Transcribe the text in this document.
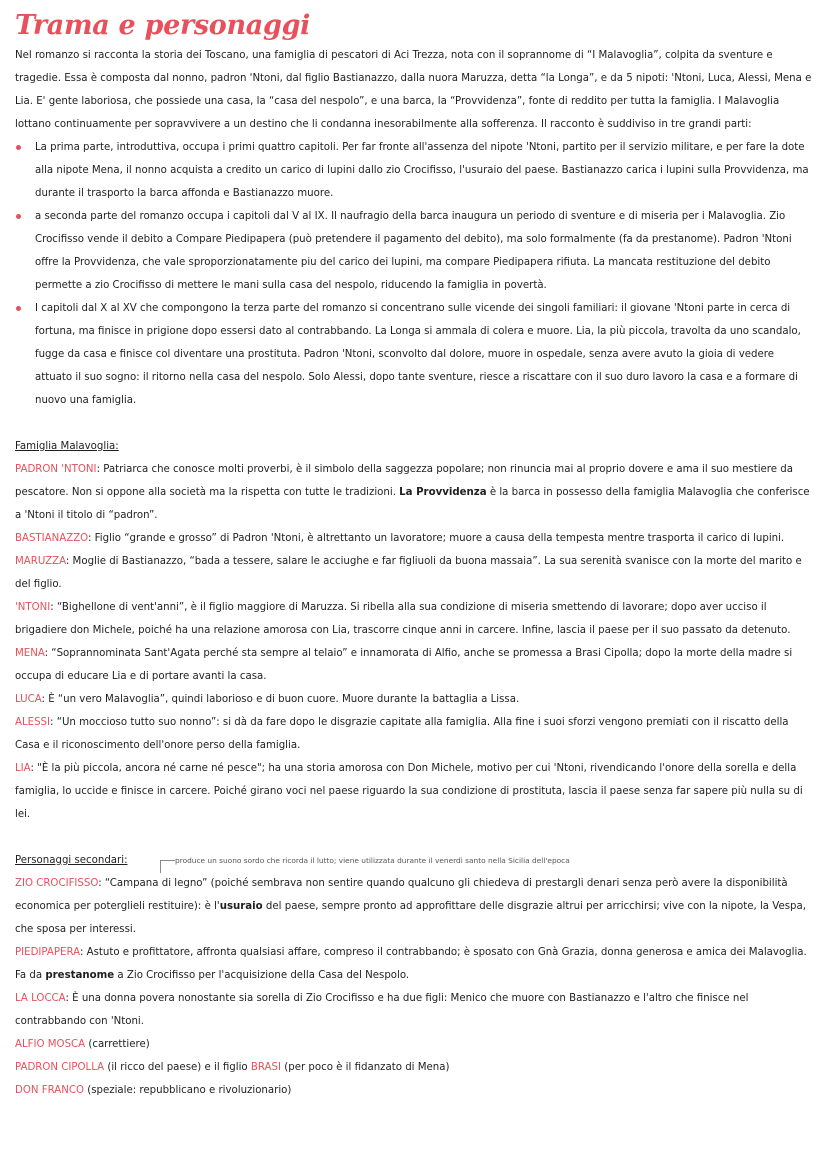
Trama e personaggi

Nel romanzo si racconta la storia dei Toscano, una famiglia di pescatori di Aci Trezza, nota con il soprannome di “I Malavoglia”, colpita da sventure e tragedie. Essa è composta dal nonno, padron 'Ntoni, dal figlio Bastianazzo, dalla nuora Maruzza, detta “la Longa”, e da 5 nipoti: 'Ntoni, Luca, Alessi, Mena e Lia. E' gente laboriosa, che possiede una casa, la “casa del nespolo”, e una barca, la “Provvidenza”, fonte di reddito per tutta la famiglia. I Malavoglia lottano continuamente per sopravvivere a un destino che li condanna inesorabilmente alla sofferenza. Il racconto è suddiviso in tre grandi parti:

La prima parte, introduttiva, occupa i primi quattro capitoli. Per far fronte all'assenza del nipote 'Ntoni, partito per il servizio militare, e per fare la dote alla nipote Mena, il nonno acquista a credito un carico di lupini dallo zio Crocifisso, l'usuraio del paese. Bastianazzo carica i lupini sulla Provvidenza, ma durante il trasporto la barca affonda e Bastianazzo muore.
a seconda parte del romanzo occupa i capitoli dal V al IX. Il naufragio della barca inaugura un periodo di sventure e di miseria per i Malavoglia. Zio Crocifisso vende il debito a Compare Piedipapera (può pretendere il pagamento del debito), ma solo formalmente (fa da prestanome). Padron 'Ntoni offre la Provvidenza, che vale sproporzionatamente piu del carico dei lupini, ma compare Piedipapera rifiuta. La mancata restituzione del debito permette a zio Crocifisso di mettere le mani sulla casa del nespolo, riducendo la famiglia in povertà.
I capitoli dal X al XV che compongono la terza parte del romanzo si concentrano sulle vicende dei singoli familiari: il giovane 'Ntoni parte in cerca di fortuna, ma finisce in prigione dopo essersi dato al contrabbando. La Longa si ammala di colera e muore. Lia, la più piccola, travolta da uno scandalo, fugge da casa e finisce col diventare una prostituta. Padron 'Ntoni, sconvolto dal dolore, muore in ospedale, senza avere avuto la gioia di vedere attuato il suo sogno: il ritorno nella casa del nespolo. Solo Alessi, dopo tante sventure, riesce a riscattare con il suo duro lavoro la casa e a formare di nuovo una famiglia.

Famiglia Malavoglia:

PADRON 'NTONI: Patriarca che conosce molti proverbi, è il simbolo della saggezza popolare; non rinuncia mai al proprio dovere e ama il suo mestiere da pescatore. Non si oppone alla società ma la rispetta con tutte le tradizioni. La Provvidenza è la barca in possesso della famiglia Malavoglia che conferisce a 'Ntoni il titolo di “padron”.

BASTIANAZZO: Figlio “grande e grosso” di Padron 'Ntoni, è altrettanto un lavoratore; muore a causa della tempesta mentre trasporta il carico di lupini.

MARUZZA: Moglie di Bastianazzo, “bada a tessere, salare le acciughe e far figliuoli da buona massaia”. La sua serenità svanisce con la morte del marito e del figlio.

'NTONI: “Bighellone di vent'anni”, è il figlio maggiore di Maruzza. Si ribella alla sua condizione di miseria smettendo di lavorare; dopo aver ucciso il brigadiere don Michele, poiché ha una relazione amorosa con Lia, trascorre cinque anni in carcere. Infine, lascia il paese per il suo passato da detenuto.

MENA: “Soprannominata Sant'Agata perché sta sempre al telaio” e innamorata di Alfio, anche se promessa a Brasi Cipolla; dopo la morte della madre si occupa di educare Lia e di portare avanti la casa.

LUCA: È “un vero Malavoglia”, quindi laborioso e di buon cuore. Muore durante la battaglia a Lissa.

ALESSI: “Un moccioso tutto suo nonno”: si dà da fare dopo le disgrazie capitate alla famiglia. Alla fine i suoi sforzi vengono premiati con il riscatto della Casa e il riconoscimento dell'onore perso della famiglia.

LIA: "È la più piccola, ancora né carne né pesce"; ha una storia amorosa con Don Michele, motivo per cui 'Ntoni, rivendicando l'onore della sorella e della famiglia, lo uccide e finisce in carcere. Poiché girano voci nel paese riguardo la sua condizione di prostituta, lascia il paese senza far sapere più nulla su di lei.

Personaggi secondari:	produce un suono sordo che ricorda il lutto; viene utilizzata durante il venerdì santo nella Sicilia dell'epoca

ZIO CROCIFISSO: “Campana di legno” (poiché sembrava non sentire quando qualcuno gli chiedeva di prestargli denari senza però avere la disponibilità economica per poterglieli restituire): è l'usuraio del paese, sempre pronto ad approfittare delle disgrazie altrui per arricchirsi; vive con la nipote, la Vespa, che sposa per interessi.

PIEDIPAPERA: Astuto e profittatore, affronta qualsiasi affare, compreso il contrabbando; è sposato con Gnà Grazia, donna generosa e amica dei Malavoglia. Fa da prestanome a Zio Crocifisso per l'acquisizione della Casa del Nespolo.

LA LOCCA: È una donna povera nonostante sia sorella di Zio Crocifisso e ha due figli: Menico che muore con Bastianazzo e l'altro che finisce nel contrabbando con 'Ntoni.

ALFIO MOSCA (carrettiere)

PADRON CIPOLLA (il ricco del paese) e il figlio BRASI (per poco è il fidanzato di Mena)

DON FRANCO (speziale: repubblicano e rivoluzionario)
